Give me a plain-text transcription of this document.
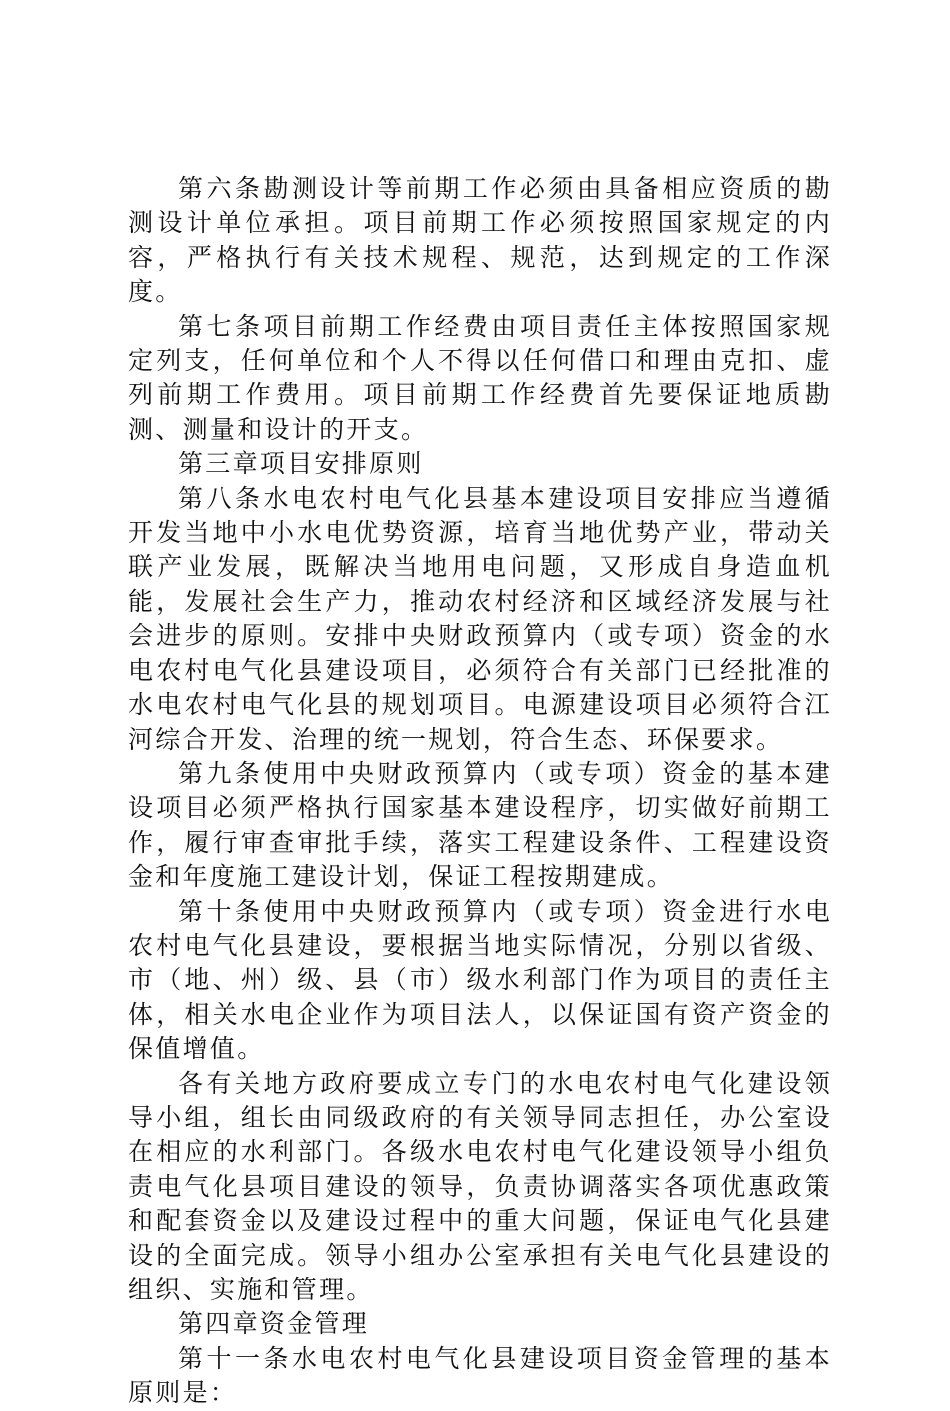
第六条勘测设计等前期工作必须由具备相应资质的勘测设计单位承担。项目前期工作必须按照国家规定的内容，严格执行有关技术规程、规范，达到规定的工作深度。

第七条项目前期工作经费由项目责任主体按照国家规定列支，任何单位和个人不得以任何借口和理由克扣、虚列前期工作费用。项目前期工作经费首先要保证地质勘测、测量和设计的开支。

第三章项目安排原则

第八条水电农村电气化县基本建设项目安排应当遵循开发当地中小水电优势资源，培育当地优势产业，带动关联产业发展，既解决当地用电问题，又形成自身造血机能，发展社会生产力，推动农村经济和区域经济发展与社会进步的原则。安排中央财政预算内（或专项）资金的水电农村电气化县建设项目，必须符合有关部门已经批准的水电农村电气化县的规划项目。电源建设项目必须符合江河综合开发、治理的统一规划，符合生态、环保要求。

第九条使用中央财政预算内（或专项）资金的基本建设项目必须严格执行国家基本建设程序，切实做好前期工作，履行审查审批手续，落实工程建设条件、工程建设资金和年度施工建设计划，保证工程按期建成。

第十条使用中央财政预算内（或专项）资金进行水电农村电气化县建设，要根据当地实际情况，分别以省级、市（地、州）级、县（市）级水利部门作为项目的责任主体，相关水电企业作为项目法人，以保证国有资产资金的保值增值。

各有关地方政府要成立专门的水电农村电气化建设领导小组，组长由同级政府的有关领导同志担任，办公室设在相应的水利部门。各级水电农村电气化建设领导小组负责电气化县项目建设的领导，负责协调落实各项优惠政策和配套资金以及建设过程中的重大问题，保证电气化县建设的全面完成。领导小组办公室承担有关电气化县建设的组织、实施和管理。

第四章资金管理

第十一条水电农村电气化县建设项目资金管理的基本原则是：
